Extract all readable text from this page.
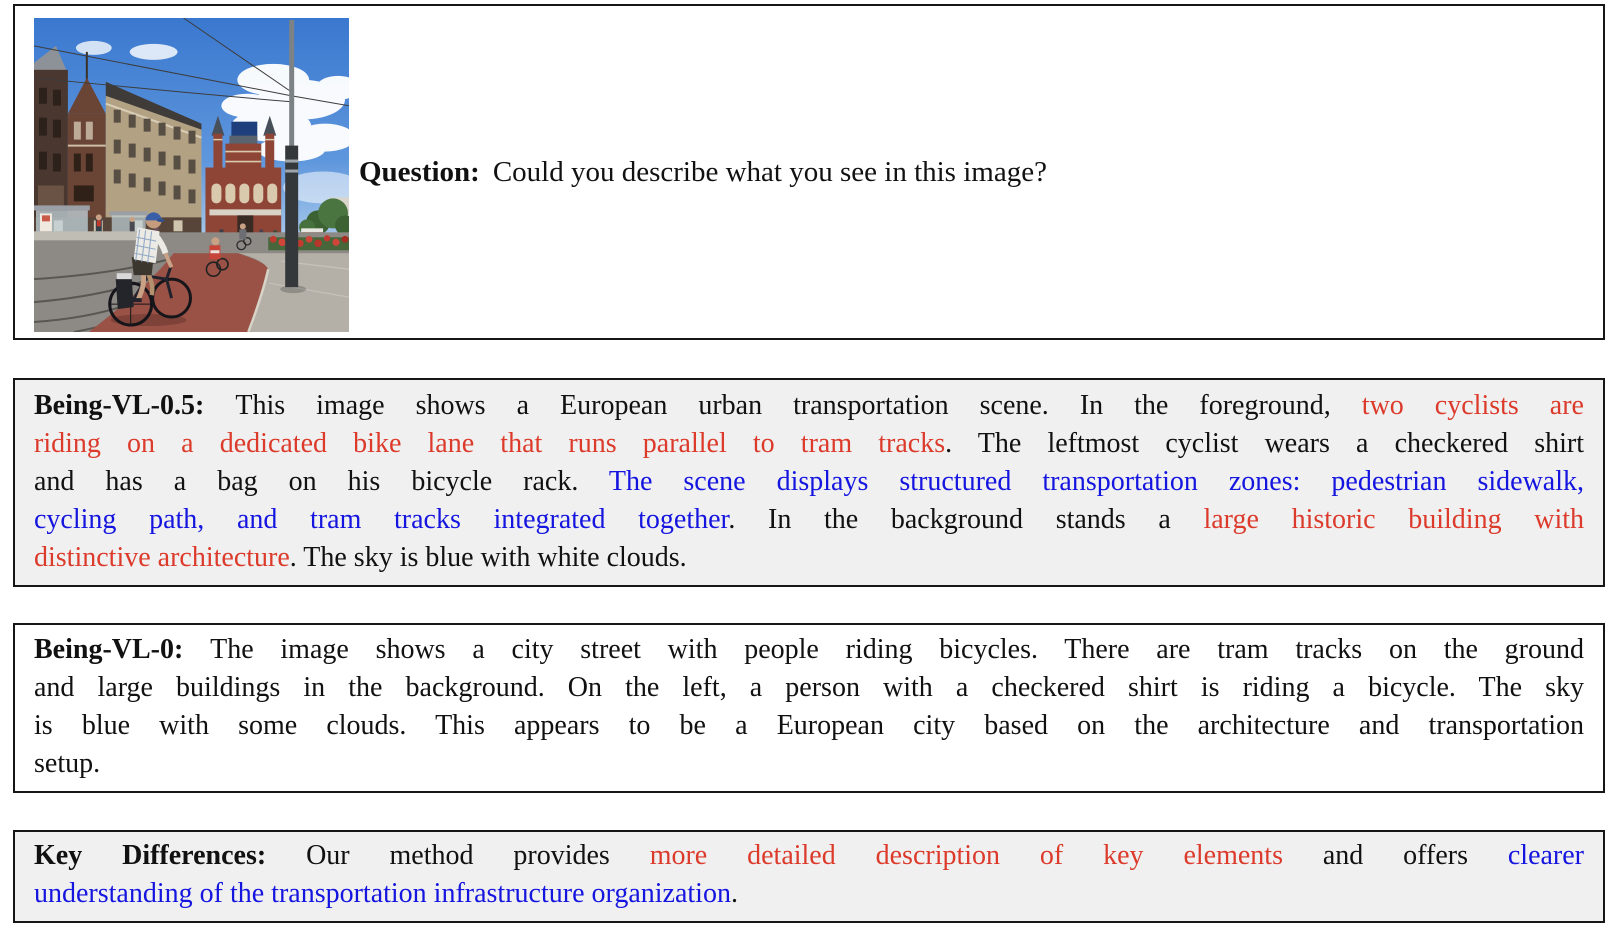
Question: Could you describe what you see in this image?
Being-VL-0.5: This image shows a European urban transportation scene. In the foreground, two cyclists are
riding on a dedicated bike lane that runs parallel to tram tracks. The leftmost cyclist wears a checkered shirt
and has a bag on his bicycle rack. The scene displays structured transportation zones: pedestrian sidewalk,
cycling path, and tram tracks integrated together. In the background stands a large historic building with
distinctive architecture. The sky is blue with white clouds.
Being-VL-0: The image shows a city street with people riding bicycles. There are tram tracks on the ground
and large buildings in the background. On the left, a person with a checkered shirt is riding a bicycle. The sky
is blue with some clouds. This appears to be a European city based on the architecture and transportation
setup.
Key Differences: Our method provides more detailed description of key elements and offers clearer
understanding of the transportation infrastructure organization.
